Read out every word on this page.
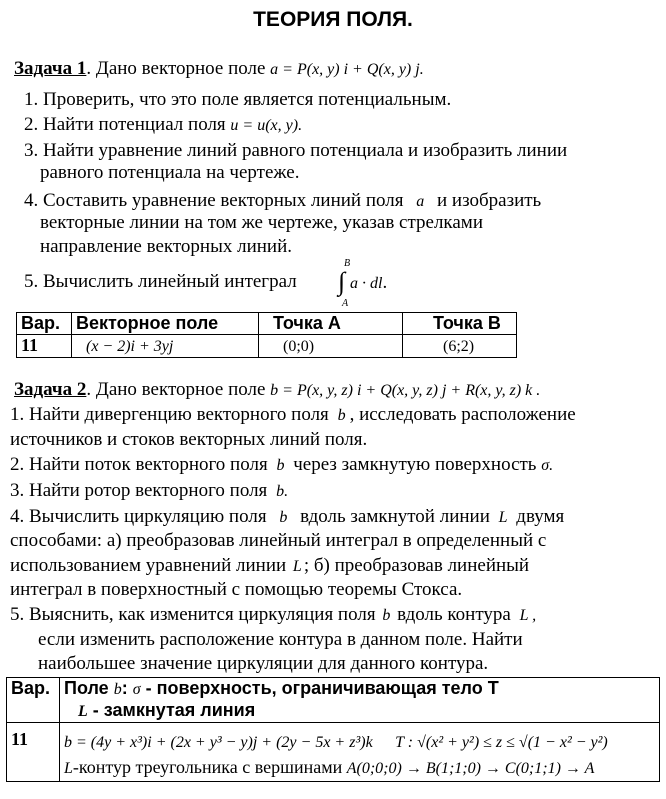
ТЕОРИЯ ПОЛЯ.
Задача 1. Дано векторное поле a = P(x, y) i + Q(x, y) j.
1. Проверить, что это поле является потенциальным.
2. Найти потенциал поля u = u(x, y).
3. Найти уравнение линий равного потенциала и изобразить линии
равного потенциала на чертеже.
4. Составить уравнение векторных линий поля a и изобразить
векторные линии на том же чертеже, указав стрелками
направление векторных линий.
5. Вычислить линейный интеграл
B
∫
A
a · dl.
Вар.	Векторное поле	Точка А	Точка В
11	(x − 2)i + 3yj	(0;0)	(6;2)
Задача 2. Дано векторное поле b = P(x, y, z) i + Q(x, y, z) j + R(x, y, z) k .
1. Найти дивергенцию векторного поля b , исследовать расположение
источников и стоков векторных линий поля.
2. Найти поток векторного поля b через замкнутую поверхность σ.
3. Найти ротор векторного поля b.
4. Вычислить циркуляцию поля b вдоль замкнутой линии L двумя
способами: а) преобразовав линейный интеграл в определенный с
использованием уравнений линии L ; б) преобразовав линейный
интеграл в поверхностный с помощью теоремы Стокса.
5. Выяснить, как изменится циркуляция поля b вдоль контура L ,
если изменить расположение контура в данном поле. Найти
наибольшее значение циркуляции для данного контура.
Вар.	Поле b: σ - поверхность, ограничивающая тело Т
L - замкнутая линия
11	b = (4y + x³)i + (2x + y³ − y)j + (2y − 5x + z³)k T : √(x² + y²) ≤ z ≤ √(1 − x² − y²)
L-контур треугольника с вершинами A(0;0;0) → B(1;1;0) → C(0;1;1) → A
